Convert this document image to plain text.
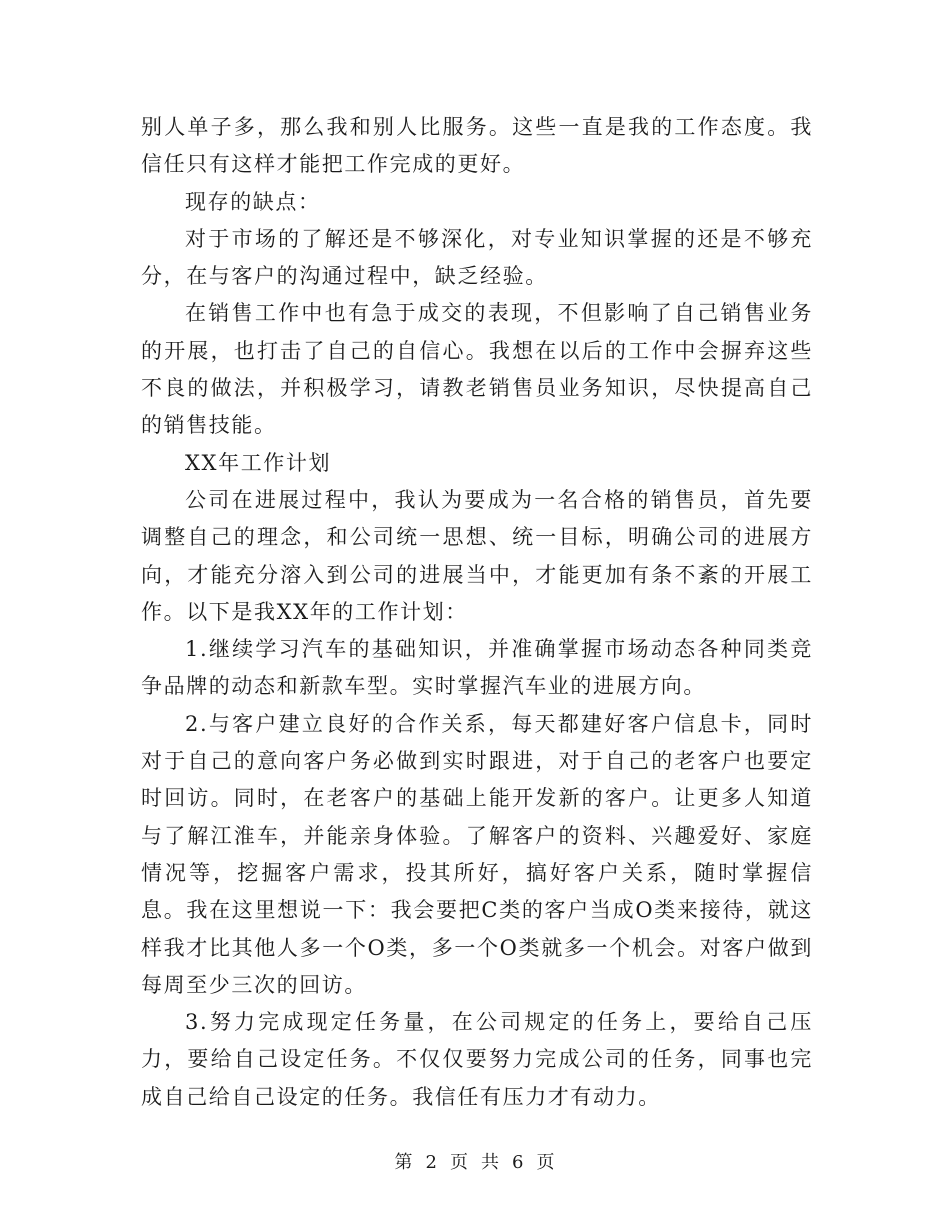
别人单子多，那么我和别人比服务。这些一直是我的工作态度。我信任只有这样才能把工作完成的更好。

现存的缺点：

对于市场的了解还是不够深化，对专业知识掌握的还是不够充分，在与客户的沟通过程中，缺乏经验。

在销售工作中也有急于成交的表现，不但影响了自己销售业务的开展，也打击了自己的自信心。我想在以后的工作中会摒弃这些不良的做法，并积极学习，请教老销售员业务知识，尽快提高自己的销售技能。

XX年工作计划

公司在进展过程中，我认为要成为一名合格的销售员，首先要调整自己的理念，和公司统一思想、统一目标，明确公司的进展方向，才能充分溶入到公司的进展当中，才能更加有条不紊的开展工作。以下是我XX年的工作计划：

1.继续学习汽车的基础知识，并准确掌握市场动态各种同类竞争品牌的动态和新款车型。实时掌握汽车业的进展方向。

2.与客户建立良好的合作关系，每天都建好客户信息卡，同时对于自己的意向客户务必做到实时跟进，对于自己的老客户也要定时回访。同时，在老客户的基础上能开发新的客户。让更多人知道与了解江淮车，并能亲身体验。了解客户的资料、兴趣爱好、家庭情况等，挖掘客户需求，投其所好，搞好客户关系，随时掌握信息。我在这里想说一下：我会要把C类的客户当成O类来接待，就这样我才比其他人多一个O类，多一个O类就多一个机会。对客户做到每周至少三次的回访。

3.努力完成现定任务量，在公司规定的任务上，要给自己压力，要给自己设定任务。不仅仅要努力完成公司的任务，同事也完成自己给自己设定的任务。我信任有压力才有动力。

第 2 页 共 6 页
